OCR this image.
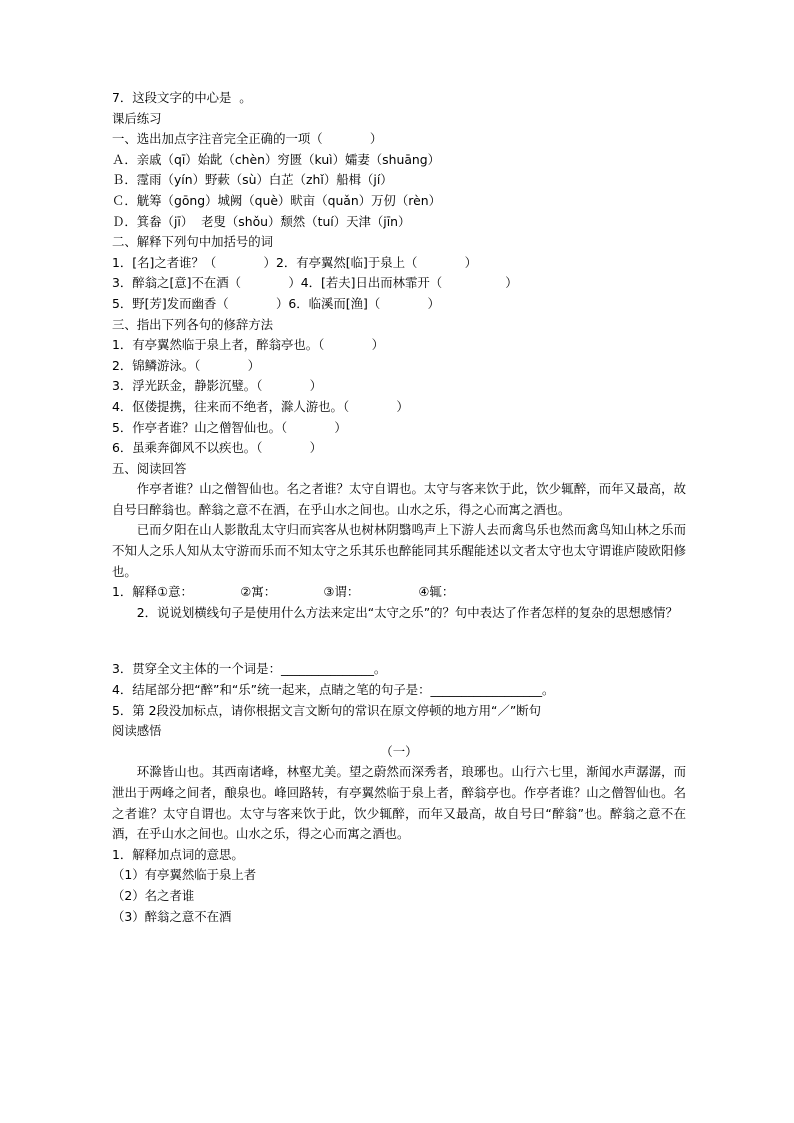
7．这段文字的中心是  。

课后练习

一、选出加点字注音完全正确的一项（            ）

Ａ．亲戚（qī）始龀（chèn）穷匮（kuì）孀妻（shuāng）

Ｂ．霪雨（yín）野蔌（sù）白芷（zhǐ）船楫（jí）

Ｃ．觥筹（gōng）城阙（què）畎亩（quǎn）万仞（rèn）

Ｄ．箕畚（jī）  老叟（shǒu）颓然（tuí）天津（jīn）

二、解释下列句中加括号的词

1．[名]之者谁？（            ）2．有亭翼然[临]于泉上（            ）

3．醉翁之[意]不在酒（            ）4．[若夫]日出而林霏开（                ）

5．野[芳]发而幽香（            ）6．临溪而[渔]（            ）

三、指出下列各句的修辞方法

1．有亭翼然临于泉上者，醉翁亭也。（            ）

2．锦鳞游泳。（            ）

3．浮光跃金，静影沉璧。（            ）

4．伛偻提携，往来而不绝者，滁人游也。（            ）

5．作亭者谁？山之僧智仙也。（            ）

6．虽乘奔御风不以疾也。（            ）

五、阅读回答

作亭者谁？山之僧智仙也。名之者谁？太守自谓也。太守与客来饮于此，饮少辄醉，而年又最高，故自号曰醉翁也。醉翁之意不在酒，在乎山水之间也。山水之乐，得之心而寓之酒也。

已而夕阳在山人影散乱太守归而宾客从也树林阴翳鸣声上下游人去而禽鸟乐也然而禽鸟知山林之乐而不知人之乐人知从太守游而乐而不知太守之乐其乐也醉能同其乐醒能述以文者太守也太守谓谁庐陵欧阳修也。

1．解释①意：            ②寓：            ③谓：               ④辄：

2．说说划横线句子是使用什么方法来定出“太守之乐”的？句中表达了作者怎样的复杂的思想感情？

3．贯穿全文主体的一个词是：_______________。

4．结尾部分把“醉”和“乐”统一起来，点睛之笔的句子是：__________________。

5．第 2段没加标点，请你根据文言文断句的常识在原文停顿的地方用“／”断句

阅读感悟

（一）

环滁皆山也。其西南诸峰，林壑尤美。望之蔚然而深秀者，琅琊也。山行六七里，渐闻水声潺潺，而泄出于两峰之间者，酿泉也。峰回路转，有亭翼然临于泉上者，醉翁亭也。作亭者谁？山之僧智仙也。名之者谁？太守自谓也。太守与客来饮于此，饮少辄醉，而年又最高，故自号曰“醉翁”也。醉翁之意不在酒，在乎山水之间也。山水之乐，得之心而寓之酒也。

1．解释加点词的意思。

（1）有亭翼然临于泉上者

（2）名之者谁

（3）醉翁之意不在酒
